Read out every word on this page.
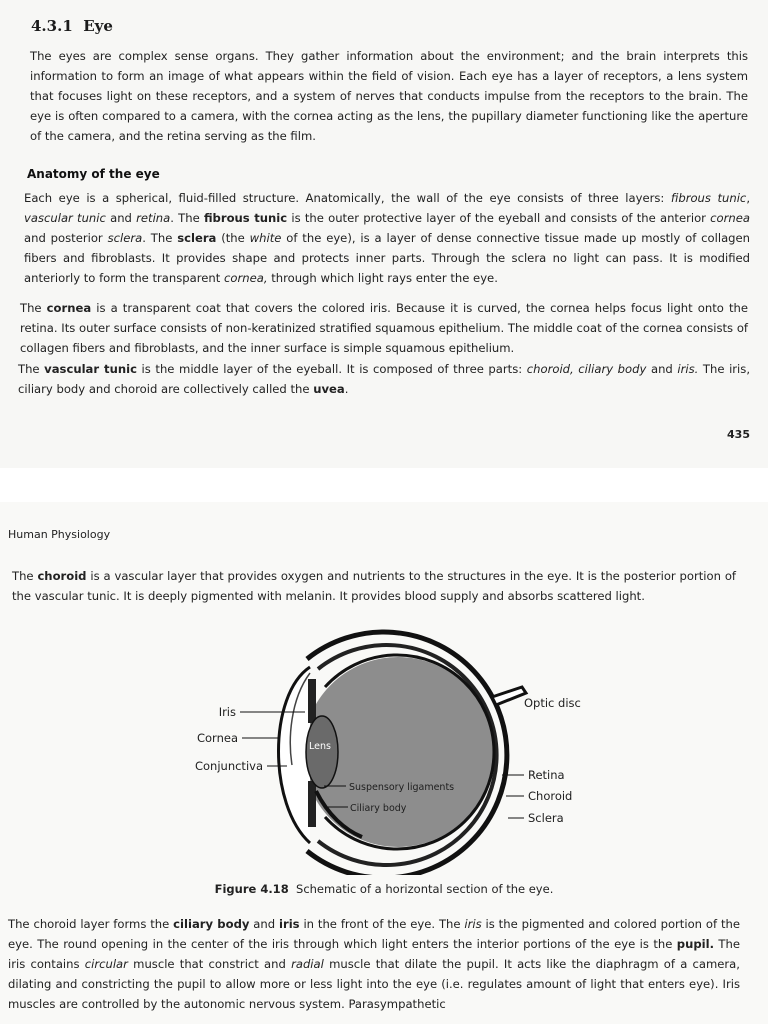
4.3.1 Eye

The eyes are complex sense organs. They gather information about the environment; and the brain interprets this information to form an image of what appears within the field of vision. Each eye has a layer of receptors, a lens system that focuses light on these receptors, and a system of nerves that conducts impulse from the receptors to the brain. The eye is often compared to a camera, with the cornea acting as the lens, the pupillary diameter functioning like the aperture of the camera, and the retina serving as the film.

Anatomy of the eye

Each eye is a spherical, fluid-filled structure. Anatomically, the wall of the eye consists of three layers: fibrous tunic, vascular tunic and retina. The fibrous tunic is the outer protective layer of the eyeball and consists of the anterior cornea and posterior sclera. The sclera (the white of the eye), is a layer of dense connective tissue made up mostly of collagen fibers and fibroblasts. It provides shape and protects inner parts. Through the sclera no light can pass. It is modified anteriorly to form the transparent cornea, through which light rays enter the eye.

The cornea is a transparent coat that covers the colored iris. Because it is curved, the cornea helps focus light onto the retina. Its outer surface consists of non-keratinized stratified squamous epithelium. The middle coat of the cornea consists of collagen fibers and fibroblasts, and the inner surface is simple squamous epithelium.

The vascular tunic is the middle layer of the eyeball. It is composed of three parts: choroid, ciliary body and iris. The iris, ciliary body and choroid are collectively called the uvea.

435
Human Physiology

The choroid is a vascular layer that provides oxygen and nutrients to the structures in the eye. It is the posterior portion of the vascular tunic. It is deeply pigmented with melanin. It provides blood supply and absorbs scattered light.

Iris
Cornea
Conjunctiva
Lens
Suspensory ligaments
Ciliary body
Optic disc
Retina
Choroid
Sclera
Figure 4.18 Schematic of a horizontal section of the eye.

The choroid layer forms the ciliary body and iris in the front of the eye. The iris is the pigmented and colored portion of the eye. The round opening in the center of the iris through which light enters the interior portions of the eye is the pupil. The iris contains circular muscle that constrict and radial muscle that dilate the pupil. It acts like the diaphragm of a camera, dilating and constricting the pupil to allow more or less light into the eye (i.e. regulates amount of light that enters eye). Iris muscles are controlled by the autonomic nervous system. Parasympathetic
